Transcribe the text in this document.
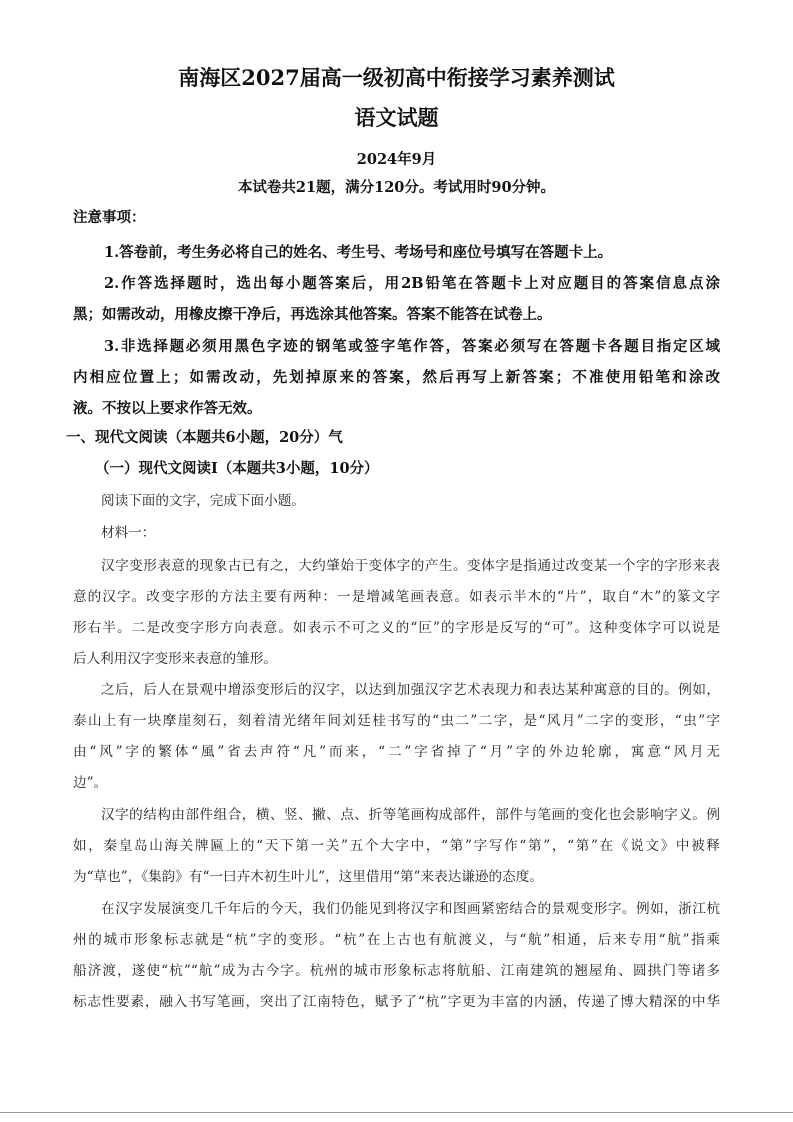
南海区2027届高一级初高中衔接学习素养测试
语文试题
2024年9月
本试卷共21题，满分120分。考试用时90分钟。
注意事项：
1.答卷前，考生务必将自己的姓名、考生号、考场号和座位号填写在答题卡上。
2.作答选择题时，选出每小题答案后，用2B铅笔在答题卡上对应题目的答案信息点涂
黑；如需改动，用橡皮擦干净后，再选涂其他答案。答案不能答在试卷上。
3.非选择题必须用黑色字迹的钢笔或签字笔作答，答案必须写在答题卡各题目指定区域
内相应位置上；如需改动，先划掉原来的答案，然后再写上新答案；不准使用铅笔和涂改
液。不按以上要求作答无效。
一、现代文阅读（本题共6小题，20分）气
（一）现代文阅读Ⅰ（本题共3小题，10分）
阅读下面的文字，完成下面小题。
材料一：
汉字变形表意的现象古已有之，大约肇始于变体字的产生。变体字是指通过改变某一个字的字形来表
意的汉字。改变字形的方法主要有两种：一是增减笔画表意。如表示半木的“片”，取自“木”的篆文字
形右半。二是改变字形方向表意。如表示不可之义的“叵”的字形是反写的“可”。这种变体字可以说是
后人利用汉字变形来表意的雏形。
之后，后人在景观中增添变形后的汉字，以达到加强汉字艺术表现力和表达某种寓意的目的。例如，
泰山上有一块摩崖刻石，刻着清光绪年间刘廷桂书写的“虫二”二字，是“风月”二字的变形，“虫”字
由“风”字的繁体“風”省去声符“凡”而来，“二”字省掉了“月”字的外边轮廓，寓意“风月无
边”。
汉字的结构由部件组合，横、竖、撇、点、折等笔画构成部件，部件与笔画的变化也会影响字义。例
如，秦皇岛山海关牌匾上的“天下第一关”五个大字中，“第”字写作“第”，“第”在《说文》中被释
为“草也”，《集韵》有“一曰卉木初生叶儿”，这里借用“第”来表达谦逊的态度。
在汉字发展演变几千年后的今天，我们仍能见到将汉字和图画紧密结合的景观变形字。例如，浙江杭
州的城市形象标志就是“杭”字的变形。“杭”在上古也有航渡义，与“航”相通，后来专用“航”指乘
船济渡，遂使“杭”“航”成为古今字。杭州的城市形象标志将航船、江南建筑的翘屋角、圆拱门等诸多
标志性要素，融入书写笔画，突出了江南特色，赋予了“杭”字更为丰富的内涵，传递了博大精深的中华
